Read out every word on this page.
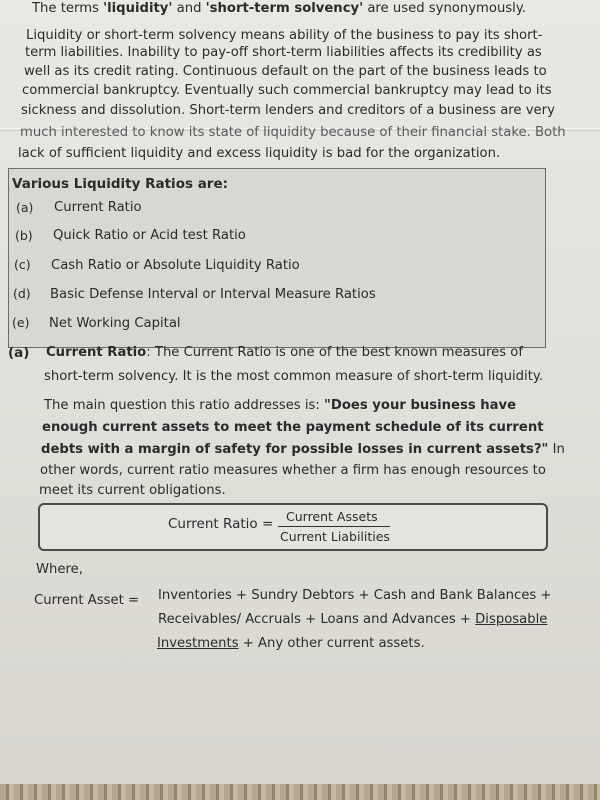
The terms 'liquidity' and 'short-term solvency' are used synonymously.
Liquidity or short-term solvency means ability of the business to pay its short-
term liabilities. Inability to pay-off short-term liabilities affects its credibility as
well as its credit rating. Continuous default on the part of the business leads to
commercial bankruptcy. Eventually such commercial bankruptcy may lead to its
sickness and dissolution. Short-term lenders and creditors of a business are very
much interested to know its state of liquidity because of their financial stake. Both
lack of sufficient liquidity and excess liquidity is bad for the organization.
Various Liquidity Ratios are:
(a) Current Ratio
(b) Quick Ratio or Acid test Ratio
(c) Cash Ratio or Absolute Liquidity Ratio
(d) Basic Defense Interval or Interval Measure Ratios
(e) Net Working Capital
(a) Current Ratio: The Current Ratio is one of the best known measures of
short-term solvency. It is the most common measure of short-term liquidity.
The main question this ratio addresses is: "Does your business have
enough current assets to meet the payment schedule of its current
debts with a margin of safety for possible losses in current assets?" In
other words, current ratio measures whether a firm has enough resources to
meet its current obligations.
Current Ratio = Current Assets
Current Liabilities
Where,
Current Asset = Inventories + Sundry Debtors + Cash and Bank Balances +
Receivables/ Accruals + Loans and Advances + Disposable
Investments + Any other current assets.
